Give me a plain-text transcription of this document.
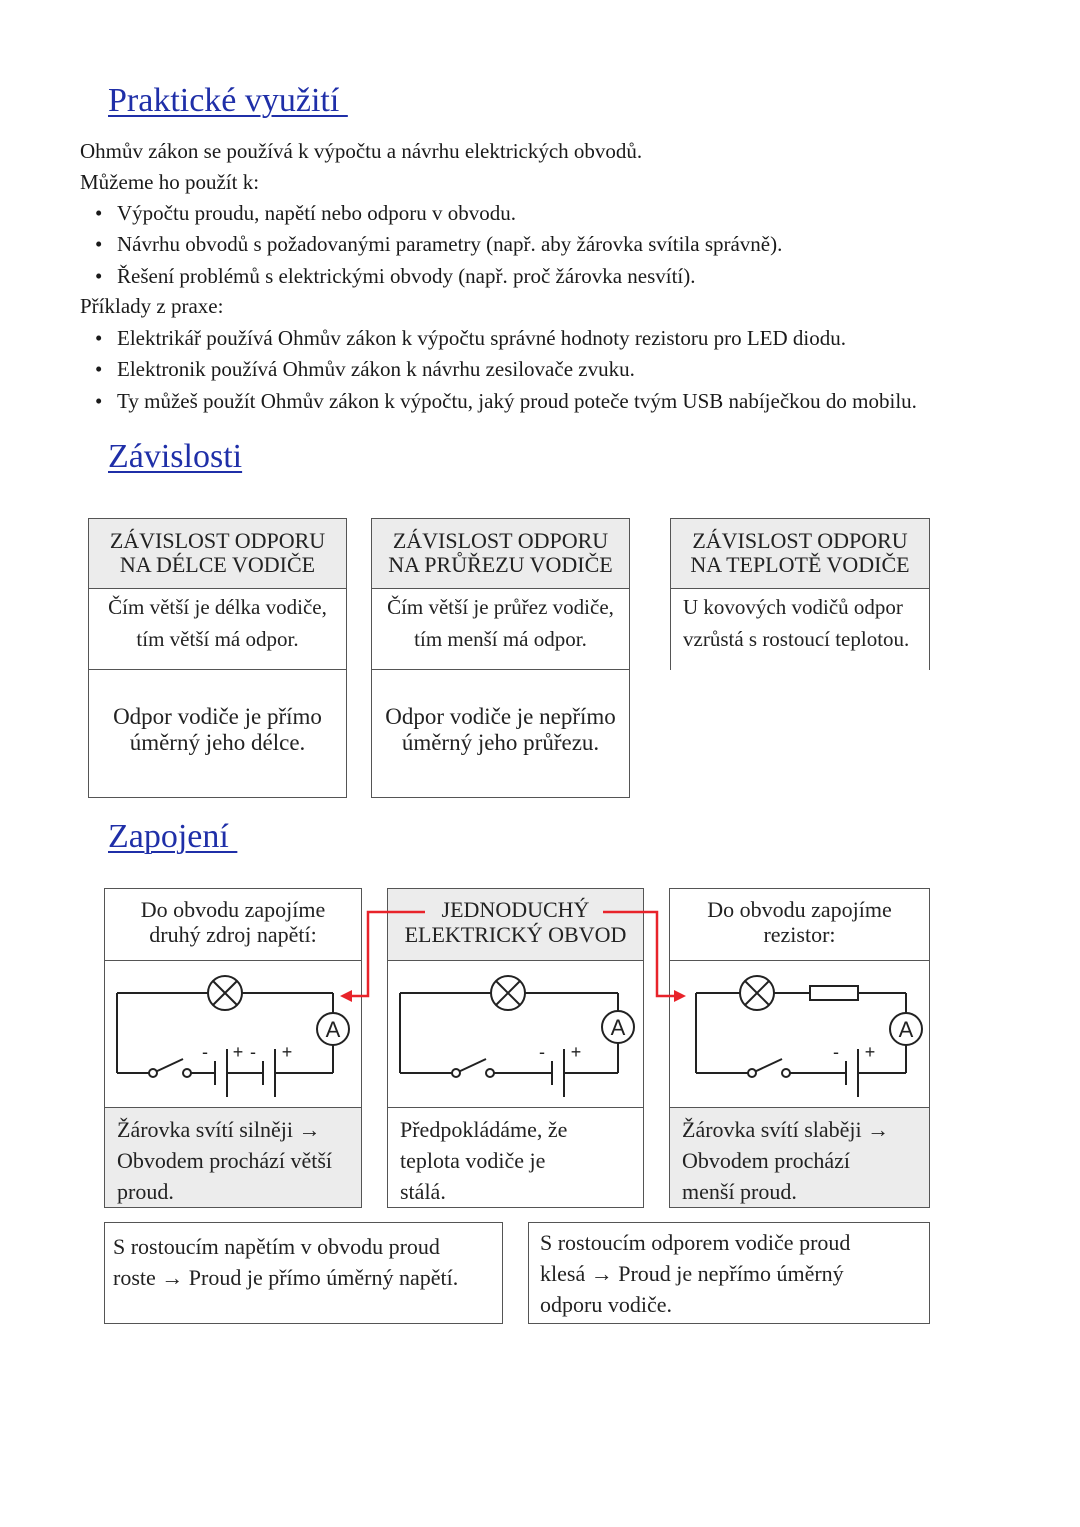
Praktické využití
Ohmův zákon se používá k výpočtu a návrhu elektrických obvodů.
Můžeme ho použít k:
• Výpočtu proudu, napětí nebo odporu v obvodu.
• Návrhu obvodů s požadovanými parametry (např. aby žárovka svítila správně).
• Řešení problémů s elektrickými obvody (např. proč žárovka nesvítí).
Příklady z praxe:
• Elektrikář používá Ohmův zákon k výpočtu správné hodnoty rezistoru pro LED diodu.
• Elektronik používá Ohmův zákon k návrhu zesilovače zvuku.
• Ty můžeš použít Ohmův zákon k výpočtu, jaký proud poteče tvým USB nabíječkou do mobilu.
Závislosti
ZÁVISLOST ODPORU
NA DÉLCE VODIČE
Čím větší je délka vodiče,
tím větší má odpor.
Odpor vodiče je přímo
úměrný jeho délce.
ZÁVISLOST ODPORU
NA PRŮŘEZU VODIČE
Čím větší je průřez vodiče,
tím menší má odpor.
Odpor vodiče je nepřímo
úměrný jeho průřezu.
ZÁVISLOST ODPORU
NA TEPLOTĚ VODIČE
U kovových vodičů odpor
vzrůstá s rostoucí teplotou.
Zapojení
Do obvodu zapojíme
druhý zdroj napětí:
A
- + - +
Žárovka svítí silněji →
Obvodem prochází větší
proud.
JEDNODUCHÝ
ELEKTRICKÝ OBVOD
A
- +
Předpokládáme, že
teplota vodiče je
stálá.
Do obvodu zapojíme
rezistor:
A
- +
Žárovka svítí slaběji →
Obvodem prochází
menší proud.
S rostoucím napětím v obvodu proud
roste → Proud je přímo úměrný napětí.
S rostoucím odporem vodiče proud
klesá → Proud je nepřímo úměrný
odporu vodiče.
